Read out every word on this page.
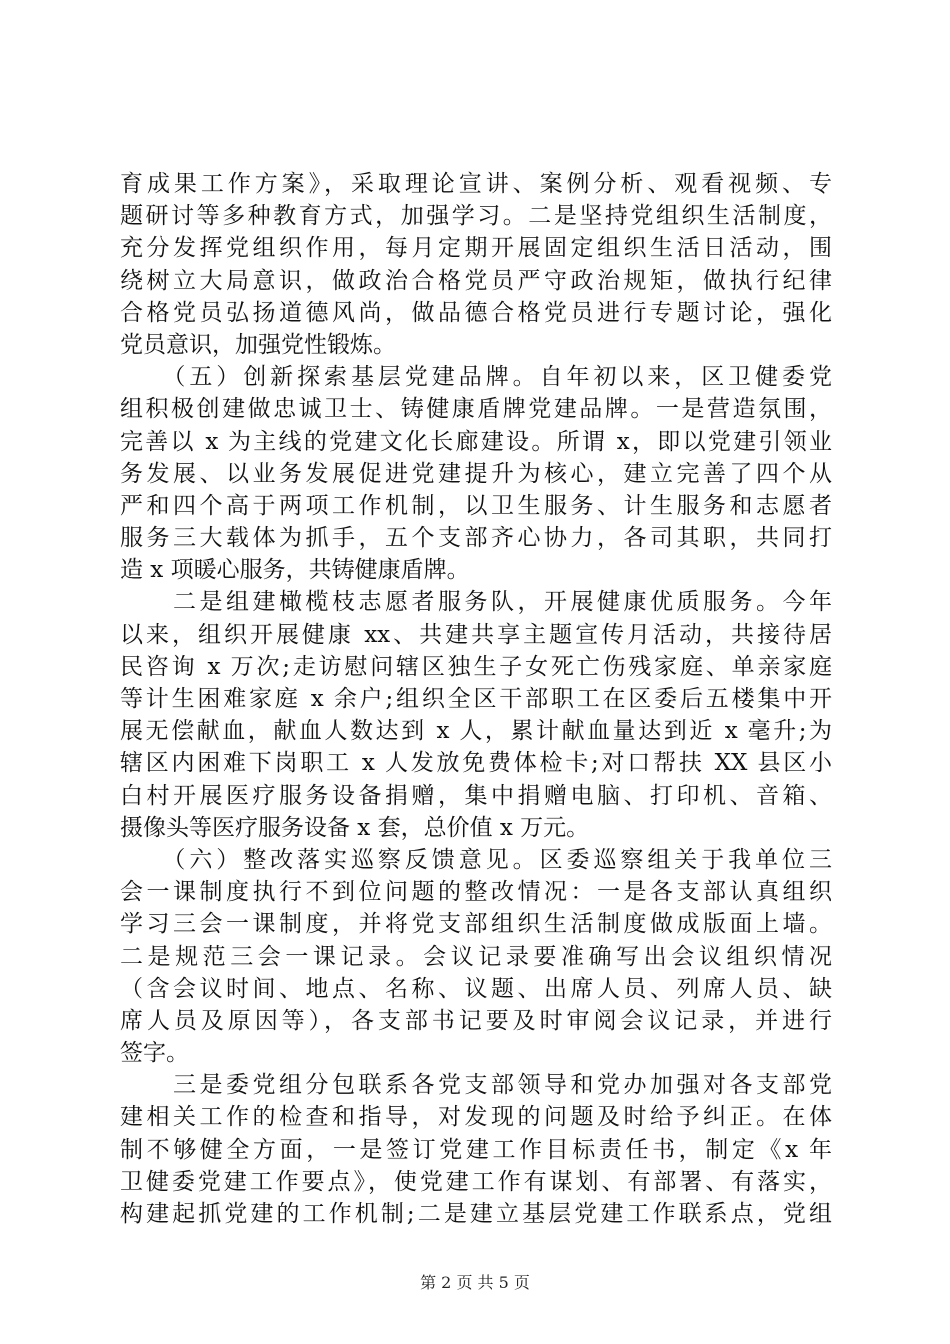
育成果工作方案》，采取理论宣讲、案例分析、观看视频、专
题研讨等多种教育方式，加强学习。二是坚持党组织生活制度，
充分发挥党组织作用，每月定期开展固定组织生活日活动，围
绕树立大局意识，做政治合格党员严守政治规矩，做执行纪律
合格党员弘扬道德风尚，做品德合格党员进行专题讨论，强化
党员意识，加强党性锻炼。
　　（五）创新探索基层党建品牌。自年初以来，区卫健委党
组积极创建做忠诚卫士、铸健康盾牌党建品牌。一是营造氛围，
完善以 x 为主线的党建文化长廊建设。所谓 x，即以党建引领业
务发展、以业务发展促进党建提升为核心，建立完善了四个从
严和四个高于两项工作机制，以卫生服务、计生服务和志愿者
服务三大载体为抓手，五个支部齐心协力，各司其职，共同打
造 x 项暖心服务，共铸健康盾牌。
　　二是组建橄榄枝志愿者服务队，开展健康优质服务。今年
以来，组织开展健康 xx、共建共享主题宣传月活动，共接待居
民咨询 x 万次;走访慰问辖区独生子女死亡伤残家庭、单亲家庭
等计生困难家庭 x 余户;组织全区干部职工在区委后五楼集中开
展无偿献血，献血人数达到 x 人，累计献血量达到近 x 毫升;为
辖区内困难下岗职工 x 人发放免费体检卡;对口帮扶 XX 县区小
白村开展医疗服务设备捐赠，集中捐赠电脑、打印机、音箱、
摄像头等医疗服务设备 x 套，总价值 x 万元。
　　（六）整改落实巡察反馈意见。区委巡察组关于我单位三
会一课制度执行不到位问题的整改情况：一是各支部认真组织
学习三会一课制度，并将党支部组织生活制度做成版面上墙。
二是规范三会一课记录。会议记录要准确写出会议组织情况
（含会议时间、地点、名称、议题、出席人员、列席人员、缺
席人员及原因等），各支部书记要及时审阅会议记录，并进行
签字。
　　三是委党组分包联系各党支部领导和党办加强对各支部党
建相关工作的检查和指导，对发现的问题及时给予纠正。在体
制不够健全方面，一是签订党建工作目标责任书，制定《x 年
卫健委党建工作要点》，使党建工作有谋划、有部署、有落实，
构建起抓党建的工作机制;二是建立基层党建工作联系点，党组
第 2 页 共 5 页
